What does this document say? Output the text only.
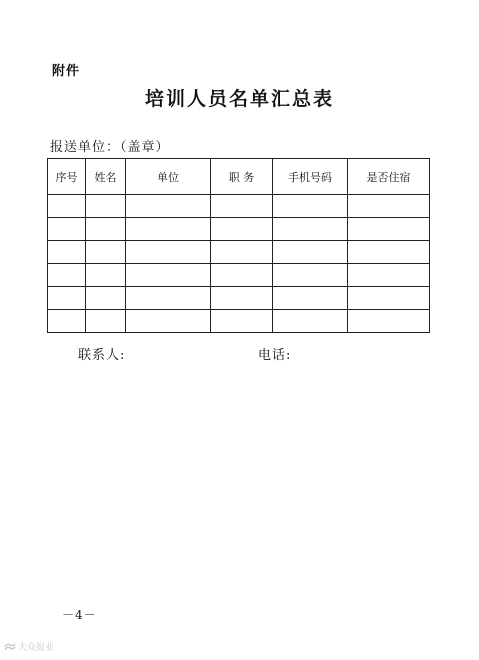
附件
培训人员名单汇总表
报送单位：（盖章）
序号	姓名	单位	职 务	手机号码	是否住宿

联系人:	电话:
－4－
大众报业
